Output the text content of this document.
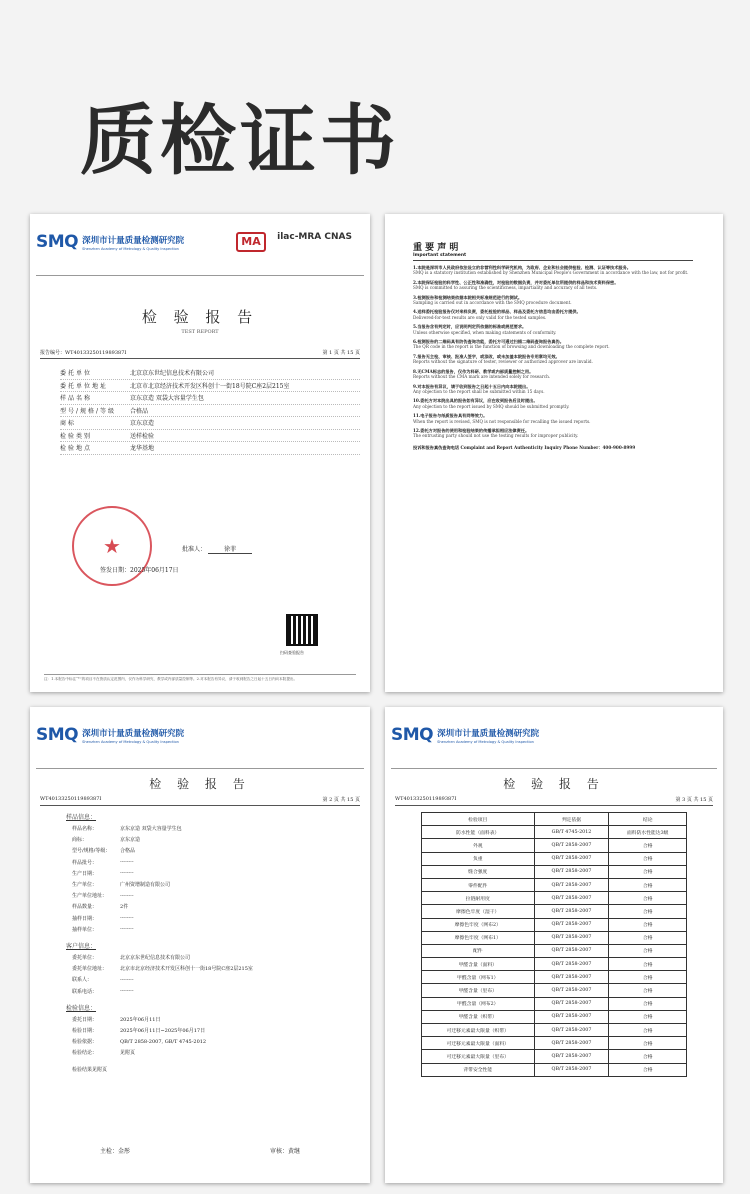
质检证书
SMQ 深圳市计量质量检测研究院
Shenzhen Academy of Metrology & Quality Inspection
MA	ilac-MRA CNAS
检 验 报 告
TEST REPORT
报告编号：WT4013325011989387I	第 1 页 共 15 页
委托单位	北京京东世纪信息技术有限公司
委托单位地址	北京市北京经济技术开发区科创十一街18号院C座2层215室
样品名称	京东京造 双袋大容量学生包
型号/规格/等级	合格品
商标	京东京造
检验类别	送样检验
检验地点	龙华基地
★	批准人：	徐菲
签发日期：2025年06月17日
扫码查验报告
注：1.本报告中标注“*”的项目不在资质认定范围内，仅作为科学研究、教学或内部质量控制等。2.对本报告有异议，请于收到报告之日起十五日内向本院提出。
重 要 声 明
Important statement
1.本院是深圳市人民政府依法设立的非营利性科学研究机构，为政府、企业和社会提供检验、检测、认证等技术服务。
SMQ is a statutory institution established by Shenzhen Municipal People's Government in accordance with the law, not for profit.
2.本院保证检验的科学性、公正性和准确性，对检验的数据负责，并对委托单位所提供的样品和技术资料保密。
SMQ is committed to assuring the scientificness, impartiality and accuracy of all tests.
3.检测报告和检测结果依据本院相关标准规范进行的测试。
Sampling is carried out in accordance with the SMQ procedure document.
4.送样委托检验报告仅对来样负责，委托检验的样品、样品及委托方信息均由委托方提供。
Delivered-for-test results are only valid for the tested samples.
5.当报告含有判定时，应说明判定所依据的标准或规范要求。
Unless otherwise specified, when making statements of conformity.
6.检测报告的二维码具有防伪查询功能，委托方可通过扫描二维码查询报告真伪。
The QR code in the report is the function of browsing and downloading the complete report.
7.报告无主检、审核、批准人签字，或涂改，或未加盖本院报告专用章均无效。
Reports without the signature of tester, reviewer or authorized approver are invalid.
8.无CMA标志的报告，仅作为科研、教学或内部质量控制之用。
Reports without the CMA mark are intended solely for research.
9.对本报告有异议，请于收到报告之日起十五日内向本院提出。
Any objection to the report shall be submitted within 15 days.
10.委托方对本院出具的报告如有异议，应在收到报告后及时提出。
Any objection to the report issued by SMQ should be submitted promptly.
11.电子报告与纸质报告具有同等效力。
When the report is revised, SMQ is not responsible for recalling the issued reports.
12.委托方对报告的使用和检验结果的传播承担相应法律责任。
The entrusting party should not use the testing results for improper publicity.
投诉和报告真伪查询电话 Complaint and Report Authenticity Inquiry Phone Number：400-900-8999
SMQ 深圳市计量质量检测研究院
Shenzhen Academy of Metrology & Quality Inspection
检 验 报 告
WT4013325011989387I	第 2 页 共 15 页
样品信息：
样品名称：	京东京造 双袋大容量学生包
商标：	京东京造
型号/规格/等级：	合格品
样品批号：	--------
生产日期：	--------
生产单位：	广州资增制造有限公司
生产单位地址：	--------
样品数量：	2件
抽样日期：	--------
抽样单位：	--------
客户信息：
委托单位：	北京京东世纪信息技术有限公司
委托单位地址：	北京市北京经济技术开发区科创十一街18号院C座2层215室
联系人：	--------
联系电话：	--------
检验信息：
委托日期：	2025年06月11日
检验日期：	2025年06月11日~2025年06月17日
检验依据：	QB/T 2858-2007, GB/T 4745-2012
检验结论：	见附页
检验结果见附页
主检：金彤	审核：黄继
SMQ 深圳市计量质量检测研究院
Shenzhen Academy of Metrology & Quality Inspection
检 验 报 告
WT4013325011989387I	第 3 页 共 15 页
检验项目	判定依据	结论
防水性能（面料表）	GB/T 4745-2012	面料防水性能达3级
外观	QB/T 2858-2007	合格
负重	QB/T 2858-2007	合格
缝合强度	QB/T 2858-2007	合格
零件配件	QB/T 2858-2007	合格
拉链耐用度	QB/T 2858-2007	合格
摩擦色牢度（湿干）	QB/T 2858-2007	合格
摩擦色牢度（网布2）	QB/T 2858-2007	合格
摩擦色牢度（网布1）	QB/T 2858-2007	合格
配件	QB/T 2858-2007	合格
甲醛含量（面料）	QB/T 2858-2007	合格
甲醛含量（网布1）	QB/T 2858-2007	合格
甲醛含量（里布）	QB/T 2858-2007	合格
甲醛含量（网布2）	QB/T 2858-2007	合格
甲醛含量（织带）	QB/T 2858-2007	合格
可迁移元素最大限量（织带）	QB/T 2858-2007	合格
可迁移元素最大限量（面料）	QB/T 2858-2007	合格
可迁移元素最大限量（里布）	QB/T 2858-2007	合格
背带安全性能	QB/T 2858-2007	合格
